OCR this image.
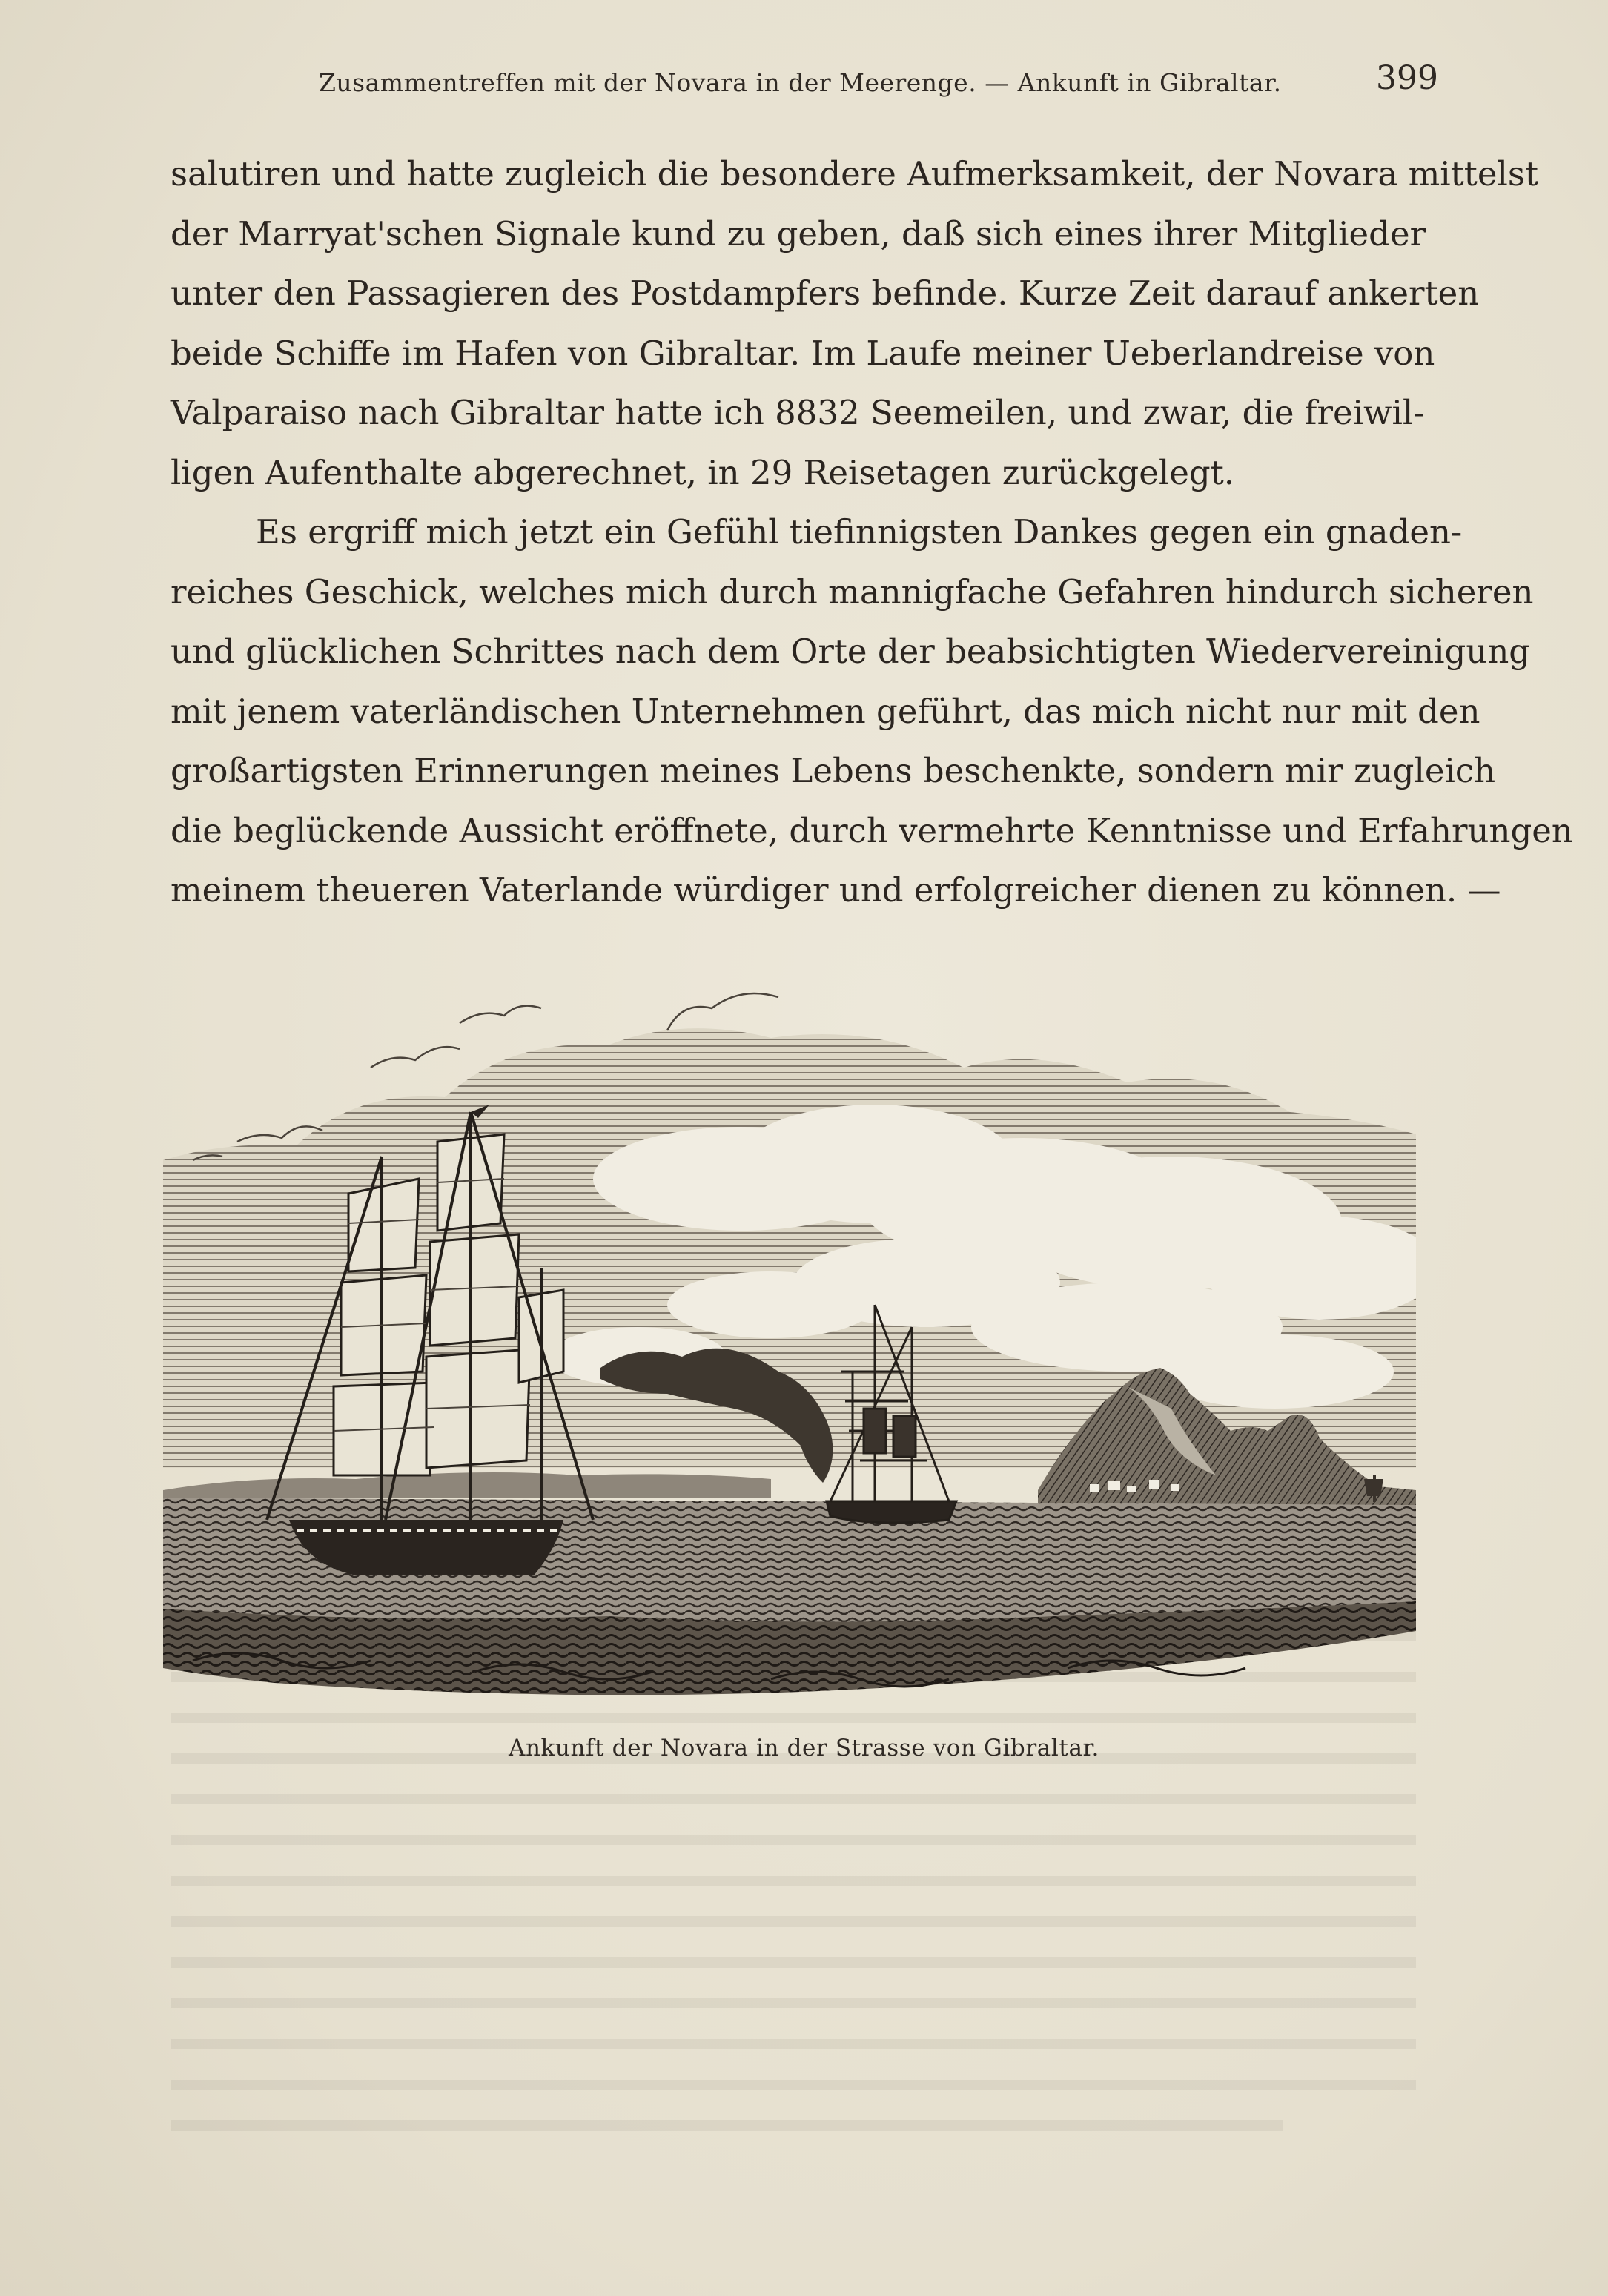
Zusammentreffen mit der Novara in der Meerenge. — Ankunft in Gibraltar.	399

salutiren und hatte zugleich die besondere Aufmerksamkeit, der Novara mittelst
der Marryat'schen Signale kund zu geben, daß sich eines ihrer Mitglieder
unter den Passagieren des Postdampfers befinde. Kurze Zeit darauf ankerten
beide Schiffe im Hafen von Gibraltar. Im Laufe meiner Ueberlandreise von
Valparaiso nach Gibraltar hatte ich 8832 Seemeilen, und zwar, die freiwil-
ligen Aufenthalte abgerechnet, in 29 Reisetagen zurückgelegt.

Es ergriff mich jetzt ein Gefühl tiefinnigsten Dankes gegen ein gnaden-
reiches Geschick, welches mich durch mannigfache Gefahren hindurch sicheren
und glücklichen Schrittes nach dem Orte der beabsichtigten Wiedervereinigung
mit jenem vaterländischen Unternehmen geführt, das mich nicht nur mit den
großartigsten Erinnerungen meines Lebens beschenkte, sondern mir zugleich
die beglückende Aussicht eröffnete, durch vermehrte Kenntnisse und Erfahrungen
meinem theueren Vaterlande würdiger und erfolgreicher dienen zu können. —

Ankunft der Novara in der Strasse von Gibraltar.
